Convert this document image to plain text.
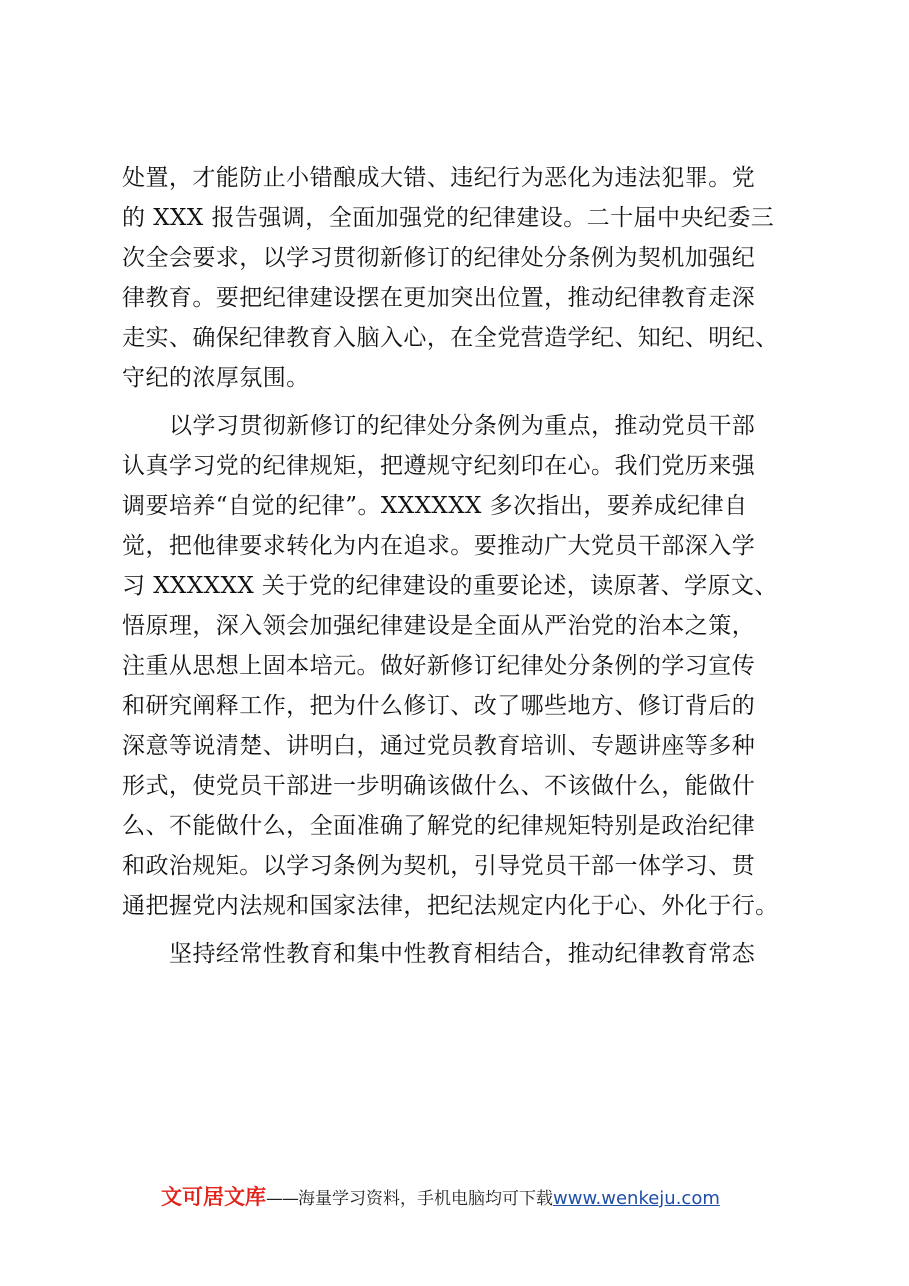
处置，才能防止小错酿成大错、违纪行为恶化为违法犯罪。党
的 XXX 报告强调，全面加强党的纪律建设。二十届中央纪委三
次全会要求，以学习贯彻新修订的纪律处分条例为契机加强纪
律教育。要把纪律建设摆在更加突出位置，推动纪律教育走深
走实、确保纪律教育入脑入心，在全党营造学纪、知纪、明纪、
守纪的浓厚氛围。
以学习贯彻新修订的纪律处分条例为重点，推动党员干部
认真学习党的纪律规矩，把遵规守纪刻印在心。我们党历来强
调要培养“自觉的纪律”。XXXXXX 多次指出，要养成纪律自
觉，把他律要求转化为内在追求。要推动广大党员干部深入学
习 XXXXXX 关于党的纪律建设的重要论述，读原著、学原文、
悟原理，深入领会加强纪律建设是全面从严治党的治本之策，
注重从思想上固本培元。做好新修订纪律处分条例的学习宣传
和研究阐释工作，把为什么修订、改了哪些地方、修订背后的
深意等说清楚、讲明白，通过党员教育培训、专题讲座等多种
形式，使党员干部进一步明确该做什么、不该做什么，能做什
么、不能做什么，全面准确了解党的纪律规矩特别是政治纪律
和政治规矩。以学习条例为契机，引导党员干部一体学习、贯
通把握党内法规和国家法律，把纪法规定内化于心、外化于行。
坚持经常性教育和集中性教育相结合，推动纪律教育常态
文可居文库——海量学习资料，手机电脑均可下载www.wenkeju.com
